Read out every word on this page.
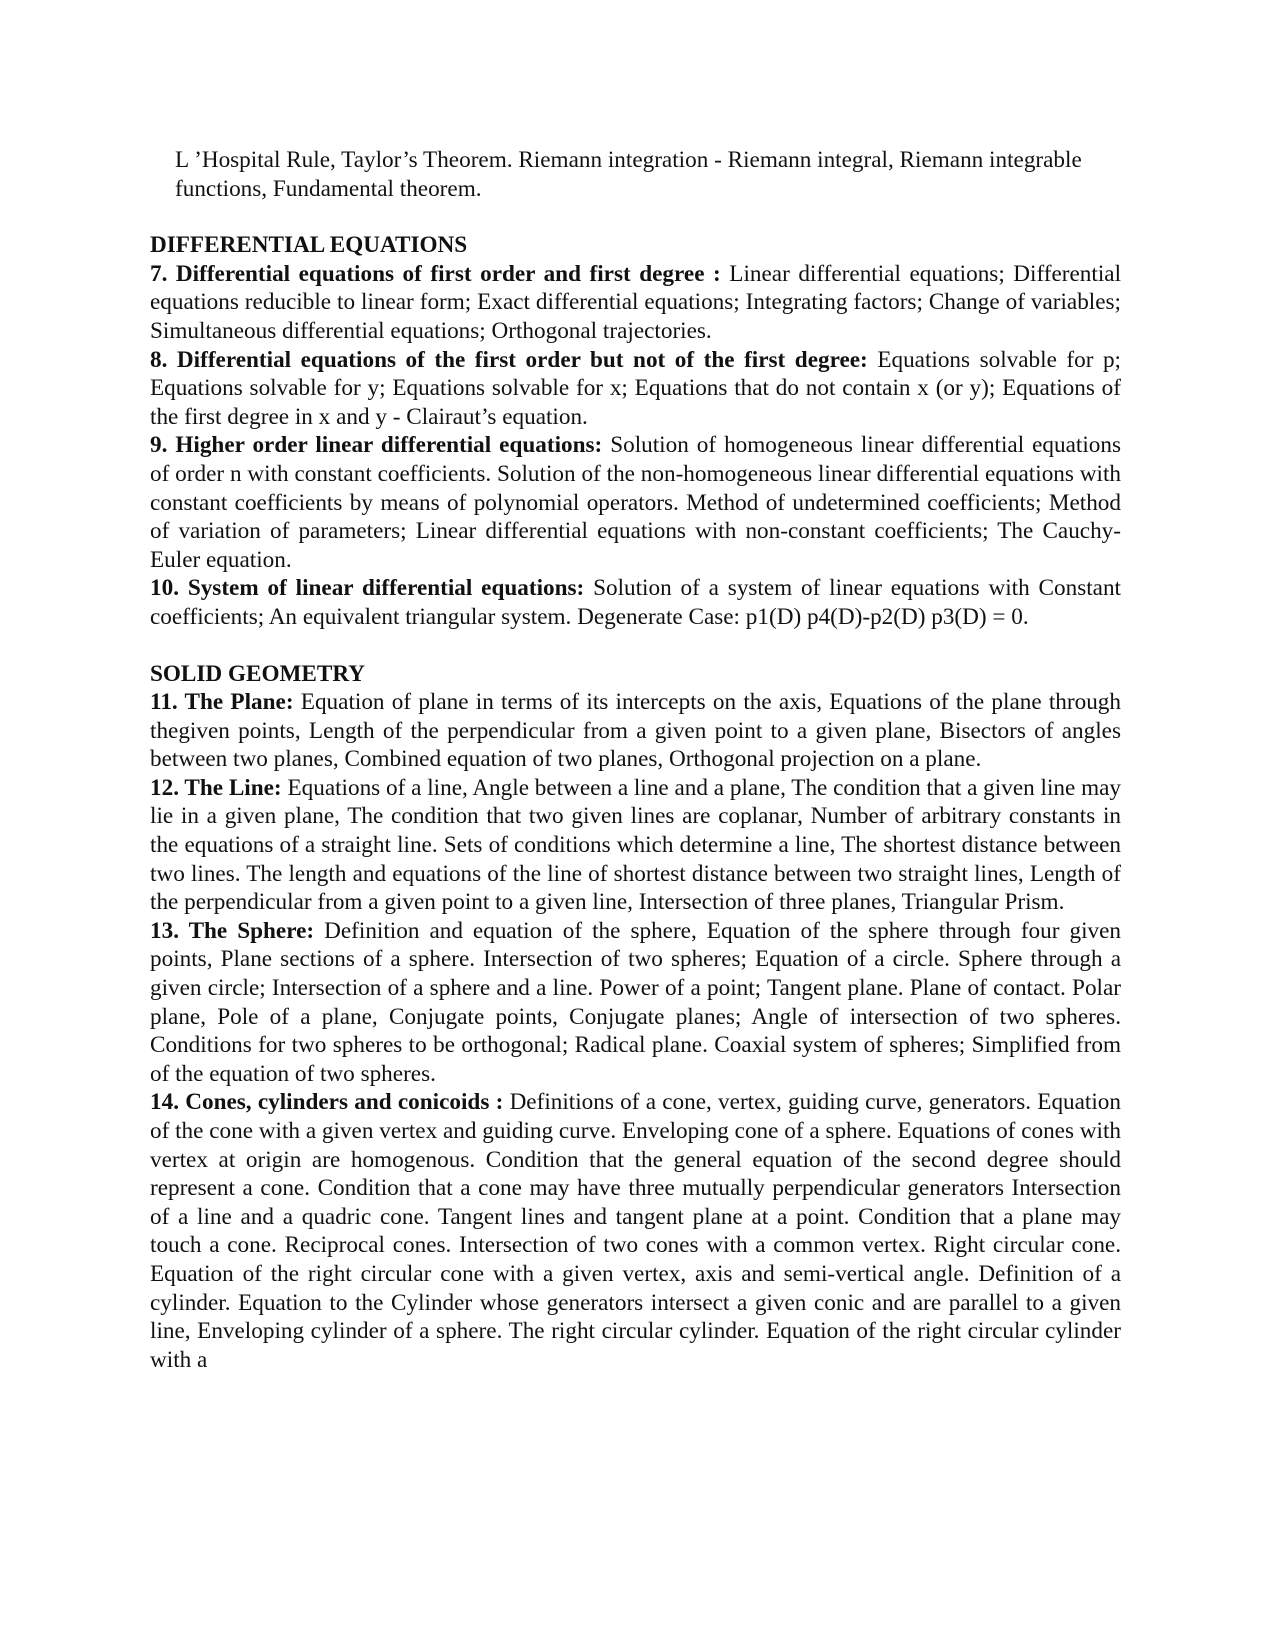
L ’Hospital Rule, Taylor’s Theorem. Riemann integration - Riemann integral, Riemann integrable functions, Fundamental theorem.

DIFFERENTIAL EQUATIONS

7. Differential equations of first order and first degree : Linear differential equations; Differential equations reducible to linear form; Exact differential equations; Integrating factors; Change of variables; Simultaneous differential equations; Orthogonal trajectories.

8. Differential equations of the first order but not of the first degree: Equations solvable for p; Equations solvable for y; Equations solvable for x; Equations that do not contain x (or y); Equations of the first degree in x and y - Clairaut’s equation.

9. Higher order linear differential equations: Solution of homogeneous linear differential equations of order n with constant coefficients. Solution of the non-homogeneous linear differential equations with constant coefficients by means of polynomial operators. Method of undetermined coefficients; Method of variation of parameters; Linear differential equations with non-constant coefficients; The Cauchy-Euler equation.

10. System of linear differential equations: Solution of a system of linear equations with Constant coefficients; An equivalent triangular system. Degenerate Case: p1(D) p4(D)-p2(D) p3(D) = 0.

SOLID GEOMETRY

11. The Plane: Equation of plane in terms of its intercepts on the axis, Equations of the plane through thegiven points, Length of the perpendicular from a given point to a given plane, Bisectors of angles between two planes, Combined equation of two planes, Orthogonal projection on a plane.

12. The Line: Equations of a line, Angle between a line and a plane, The condition that a given line may lie in a given plane, The condition that two given lines are coplanar, Number of arbitrary constants in the equations of a straight line. Sets of conditions which determine a line, The shortest distance between two lines. The length and equations of the line of shortest distance between two straight lines, Length of the perpendicular from a given point to a given line, Intersection of three planes, Triangular Prism.

13. The Sphere: Definition and equation of the sphere, Equation of the sphere through four given points, Plane sections of a sphere. Intersection of two spheres; Equation of a circle. Sphere through a given circle; Intersection of a sphere and a line. Power of a point; Tangent plane. Plane of contact. Polar plane, Pole of a plane, Conjugate points, Conjugate planes; Angle of intersection of two spheres. Conditions for two spheres to be orthogonal; Radical plane. Coaxial system of spheres; Simplified from of the equation of two spheres.

14. Cones, cylinders and conicoids : Definitions of a cone, vertex, guiding curve, generators. Equation of the cone with a given vertex and guiding curve. Enveloping cone of a sphere. Equations of cones with vertex at origin are homogenous. Condition that the general equation of the second degree should represent a cone. Condition that a cone may have three mutually perpendicular generators Intersection of a line and a quadric cone. Tangent lines and tangent plane at a point. Condition that a plane may touch a cone. Reciprocal cones. Intersection of two cones with a common vertex. Right circular cone. Equation of the right circular cone with a given vertex, axis and semi-vertical angle. Definition of a cylinder. Equation to the Cylinder whose generators intersect a given conic and are parallel to a given line, Enveloping cylinder of a sphere. The right circular cylinder. Equation of the right circular cylinder with a
